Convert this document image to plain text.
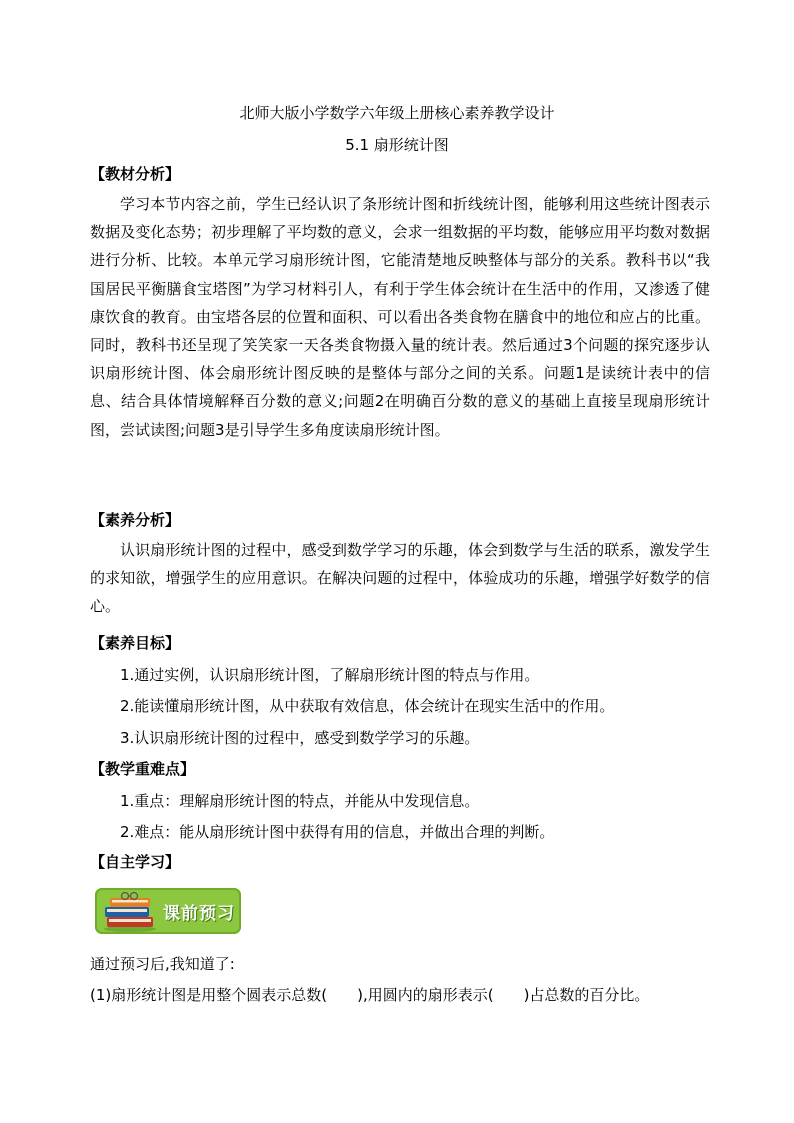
北师大版小学数学六年级上册核心素养教学设计
5.1 扇形统计图
【教材分析】
学习本节内容之前，学生已经认识了条形统计图和折线统计图，能够利用这些统计图表示数据及变化态势；初步理解了平均数的意义，会求一组数据的平均数，能够应用平均数对数据进行分析、比较。本单元学习扇形统计图，它能清楚地反映整体与部分的关系。教科书以“我国居民平衡膳食宝塔图”为学习材料引人，有利于学生体会统计在生活中的作用，又渗透了健康饮食的教育。由宝塔各层的位置和面积、可以看出各类食物在膳食中的地位和应占的比重。同时，教科书还呈现了笑笑家一天各类食物摄入量的统计表。然后通过3个问题的探究逐步认识扇形统计图、体会扇形统计图反映的是整体与部分之间的关系。问题1是读统计表中的信息、结合具体情境解释百分数的意义;问题2在明确百分数的意义的基础上直接呈现扇形统计图，尝试读图;问题3是引导学生多角度读扇形统计图。
【素养分析】
认识扇形统计图的过程中，感受到数学学习的乐趣，体会到数学与生活的联系，激发学生的求知欲，增强学生的应用意识。在解决问题的过程中，体验成功的乐趣，增强学好数学的信心。
【素养目标】
1.通过实例，认识扇形统计图，了解扇形统计图的特点与作用。
2.能读懂扇形统计图，从中获取有效信息，体会统计在现实生活中的作用。
3.认识扇形统计图的过程中，感受到数学学习的乐趣。
【教学重难点】
1.重点：理解扇形统计图的特点，并能从中发现信息。
2.难点：能从扇形统计图中获得有用的信息，并做出合理的判断。
【自主学习】
课前预习
通过预习后,我知道了:
(1)扇形统计图是用整个圆表示总数(　　),用圆内的扇形表示(　　)占总数的百分比。
